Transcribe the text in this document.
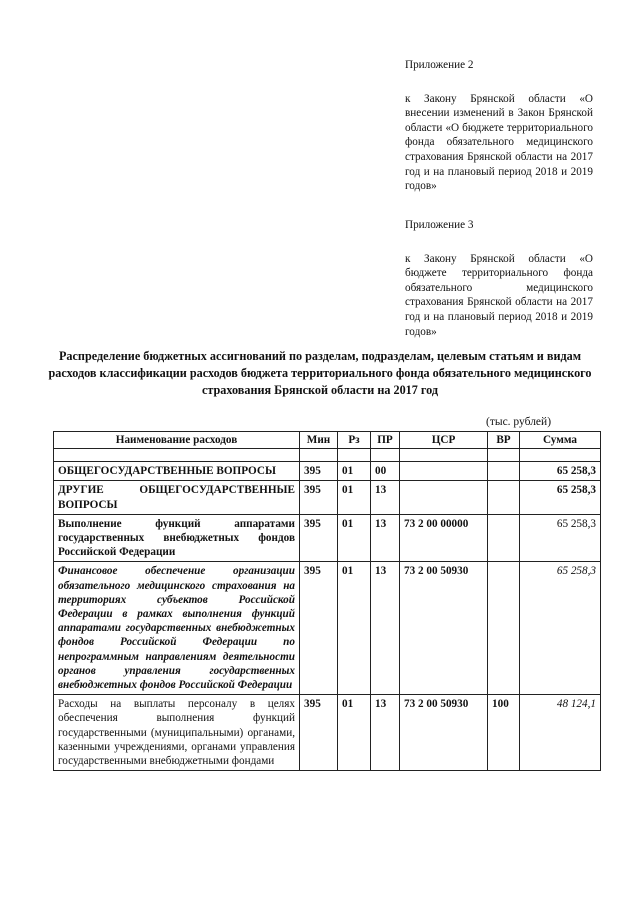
Приложение 2
к Закону Брянской области «О внесении изменений в Закон Брянской области «О бюджете территориального фонда обязательного медицинского страхования Брянской области на 2017 год и на плановый период 2018 и 2019 годов»
Приложение 3
к Закону Брянской области «О бюджете территориального фонда обязательного медицинского страхования Брянской области на 2017 год и на плановый период 2018 и 2019 годов»
Распределение бюджетных ассигнований по разделам, подразделам, целевым статьям и видам расходов классификации расходов бюджета территориального фонда обязательного медицинского страхования Брянской области на 2017 год
(тыс. рублей)
Наименование расходов	Мин	Рз	ПР	ЦСР	ВР	Сумма

ОБЩЕГОСУДАРСТВЕННЫЕ ВОПРОСЫ	395	01	00			65 258,3
ДРУГИЕ ОБЩЕГОСУДАРСТВЕННЫЕ ВОПРОСЫ	395	01	13			65 258,3
Выполнение функций аппаратами государственных внебюджетных фондов Российской Федерации	395	01	13	73 2 00 00000		65 258,3
Финансовое обеспечение организации обязательного медицинского страхования на территориях субъектов Российской Федерации в рамках выполнения функций аппаратами государственных внебюджетных фондов Российской Федерации по непрограммным направлениям деятельности органов управления государственных внебюджетных фондов Российской Федерации	395	01	13	73 2 00 50930		65 258,3
Расходы на выплаты персоналу в целях обеспечения выполнения функций государственными (муниципальными) органами, казенными учреждениями, органами управления государственными внебюджетными фондами	395	01	13	73 2 00 50930	100	48 124,1
